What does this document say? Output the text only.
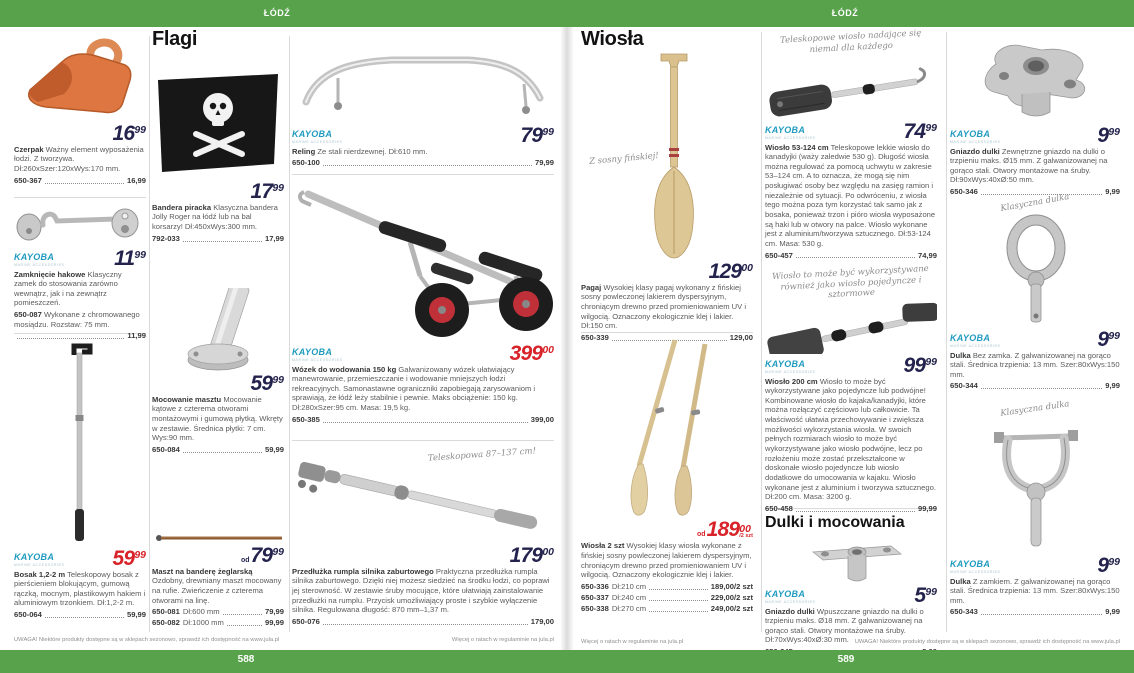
ŁÓDŹ	ŁÓDŹ
$16^{99}$

Czerpak Ważny element wyposażenia łodzi. Z tworzywa. Dł:260xSzer:120xWys:170 mm.

650-367	16,99
KAYOBA
MARINE ACCESSORIES $11^{99}$

Zamknięcie hakowe Klasyczny zamek do stosowania zarówno wewnątrz, jak i na zewnątrz pomieszczeń.

650-087 Wykonane z chromowanego mosiądzu. Rozstaw: 75 mm.

11,99
KAYOBA
MARINE ACCESSORIES $59^{99}$

Bosak 1,2-2 m Teleskopowy bosak z pierścieniem blokującym, gumową rączką, mocnym, plastikowym hakiem i aluminiowym trzonkiem. Dł:1,2-2 m.

650-064	59,99
Flagi
$17^{99}$

Bandera piracka Klasyczna bandera Jolly Roger na łódź lub na bal korsarzy! Dł:450xWys:300 mm.

792-033	17,99
$59^{99}$

Mocowanie masztu Mocowanie kątowe z czterema otworami montażowymi i gumową płytką. Wkręty w zestawie. Średnica płytki: 7 cm. Wys:90 mm.

650-084	59,99
$od79^{99}$

Maszt na banderę żeglarską Ozdobny, drewniany maszt mocowany na rufie. Zwieńczenie z czterema otworami na linę.

650-081 Dł:600 mm	79,99
650-082 Dł:1000 mm	99,99
KAYOBA
MARINE ACCESSORIES	$79^{99}$

Reling Ze stali nierdzewnej. Dł:610 mm.

650-100	79,99
KAYOBA
MARINE ACCESSORIES	$399^{00}$

Wózek do wodowania 150 kg Galwanizowany wózek ułatwiający manewrowanie, przemieszczanie i wodowanie mniejszych łodzi rekreacyjnych. Samonastawne ograniczniki zapobiegają zarysowaniom i sprawiają, że łódź leży stabilnie i pewnie. Maks obciążenie: 150 kg. Dł:280xSzer:95 cm. Masa: 19,5 kg.

650-385	399,00
Teleskopowa 87–137 cm!
$179^{00}$

Przedłużka rumpla silnika zaburtowego Praktyczna przedłużka rumpla silnika zaburtowego. Dzięki niej możesz siedzieć na środku łodzi, co poprawi jej sterowność. W zestawie śruby mocujące, które ułatwiają zainstalowanie przedłużki na rumplu. Przycisk umożliwiający proste i szybkie wyłączenie silnika. Regulowana długość: 870 mm–1,37 m.

650-076	179,00
UWAGA! Niektóre produkty dostępne są w sklepach sezonowo, sprawdź ich dostępność na www.jula.pl	Więcej o ratach w regulaminie na jula.pl
Wiosła
Z sosny fińskiej!
$129^{00}$

Pagaj Wysokiej klasy pagaj wykonany z fińskiej sosny powleczonej lakierem dyspersyjnym, chroniącym drewno przed promieniowaniem UV i wilgocią. Oznaczony ekologicznie klej i lakier. Dł:150 cm.

650-339	129,00
od189 00
/2 szt

Wiosła 2 szt Wysokiej klasy wiosła wykonane z fińskiej sosny powleczonej lakierem dyspersyjnym, chroniącym drewno przed promieniowaniem UV i wilgocią. Oznaczony ekologicznie klej i lakier.

650-336 Dł:210 cm	189,00/2 szt
650-337 Dł:240 cm	229,00/2 szt
650-338 Dł:270 cm	249,00/2 szt
Teleskopowe wiosło nadające się niemal dla każdego
KAYOBA
MARINE ACCESSORIES	$74^{99}$

Wiosło 53-124 cm Teleskopowe lekkie wiosło do kanadyjki (waży zaledwie 530 g). Długość wiosła można regulować za pomocą uchwytu w zakresie 53–124 cm. A to oznacza, że mogą się nim posługiwać osoby bez względu na zasięg ramion i niezależnie od sytuacji. Po odwróceniu, z wiosła tego można poza tym korzystać tak samo jak z bosaka, ponieważ trzon i pióro wiosła wyposażone są haki lub w otwory na palce. Wiosło wykonane jest z aluminium/tworzywa sztucznego. Dł:53-124 cm. Masa: 530 g.

650-457	74,99
Wiosło to może być wykorzystywane również jako wiosło pojedyncze i sztormowe
KAYOBA
MARINE ACCESSORIES	$99^{99}$

Wiosło 200 cm Wiosło to może być wykorzystywane jako pojedyncze lub podwójne! Kombinowane wiosło do kajaka/kanadyjki, które można rozłączyć częściowo lub całkowicie. Ta właściwość ułatwia przechowywanie i zwiększa możliwości wykorzystania wiosła. W swoich pełnych rozmiarach wiosło to może być wykorzystywane jako wiosło podwójne, lecz po rozłożeniu może zostać przekształcone w doskonałe wiosło pojedyncze lub wiosło dodatkowe do umocowania w kajaku. Wiosło wykonane jest z aluminium i tworzywa sztucznego. Dł:200 cm. Masa: 3200 g.

650-458	99,99
Dulki i mocowania
KAYOBA
MARINE ACCESSORIES	$5^{99}$

Gniazdo dulki Wpuszczane gniazdo na dulki o trzpieniu maks. Ø18 mm. Z galwanizowanej na gorąco stali. Otwory montażowe na śruby. Dł:70xWys:40xØ:30 mm.

KAYOBA
MARINE ACCESSORIES	$9^{99}$

Gniazdo dulki Zewnętrzne gniazdo na dulki o trzpieniu maks. Ø15 mm. Z galwanizowanej na gorąco stali. Otwory montażowe na śruby. Dł:90xWys:40xØ:50 mm.

650-346	9,99
Klasyczna dulka
KAYOBA
MARINE ACCESSORIES	$9^{99}$

Dulka Bez zamka. Z galwanizowanej na gorąco stali. Średnica trzpienia: 13 mm. Szer:80xWys:150 mm.

650-344	9,99
Klasyczna dulka
KAYOBA
MARINE ACCESSORIES	$9^{99}$

Dulka Z zamkiem. Z galwanizowanej na gorąco stali. Średnica trzpienia: 13 mm. Szer:80xWys:150 mm.

650-343	9,99
Więcej o ratach w regulaminie na jula.pl	UWAGA! Niektóre produkty dostępne są w sklepach sezonowo, sprawdź ich dostępność na www.jula.pl
588	589
